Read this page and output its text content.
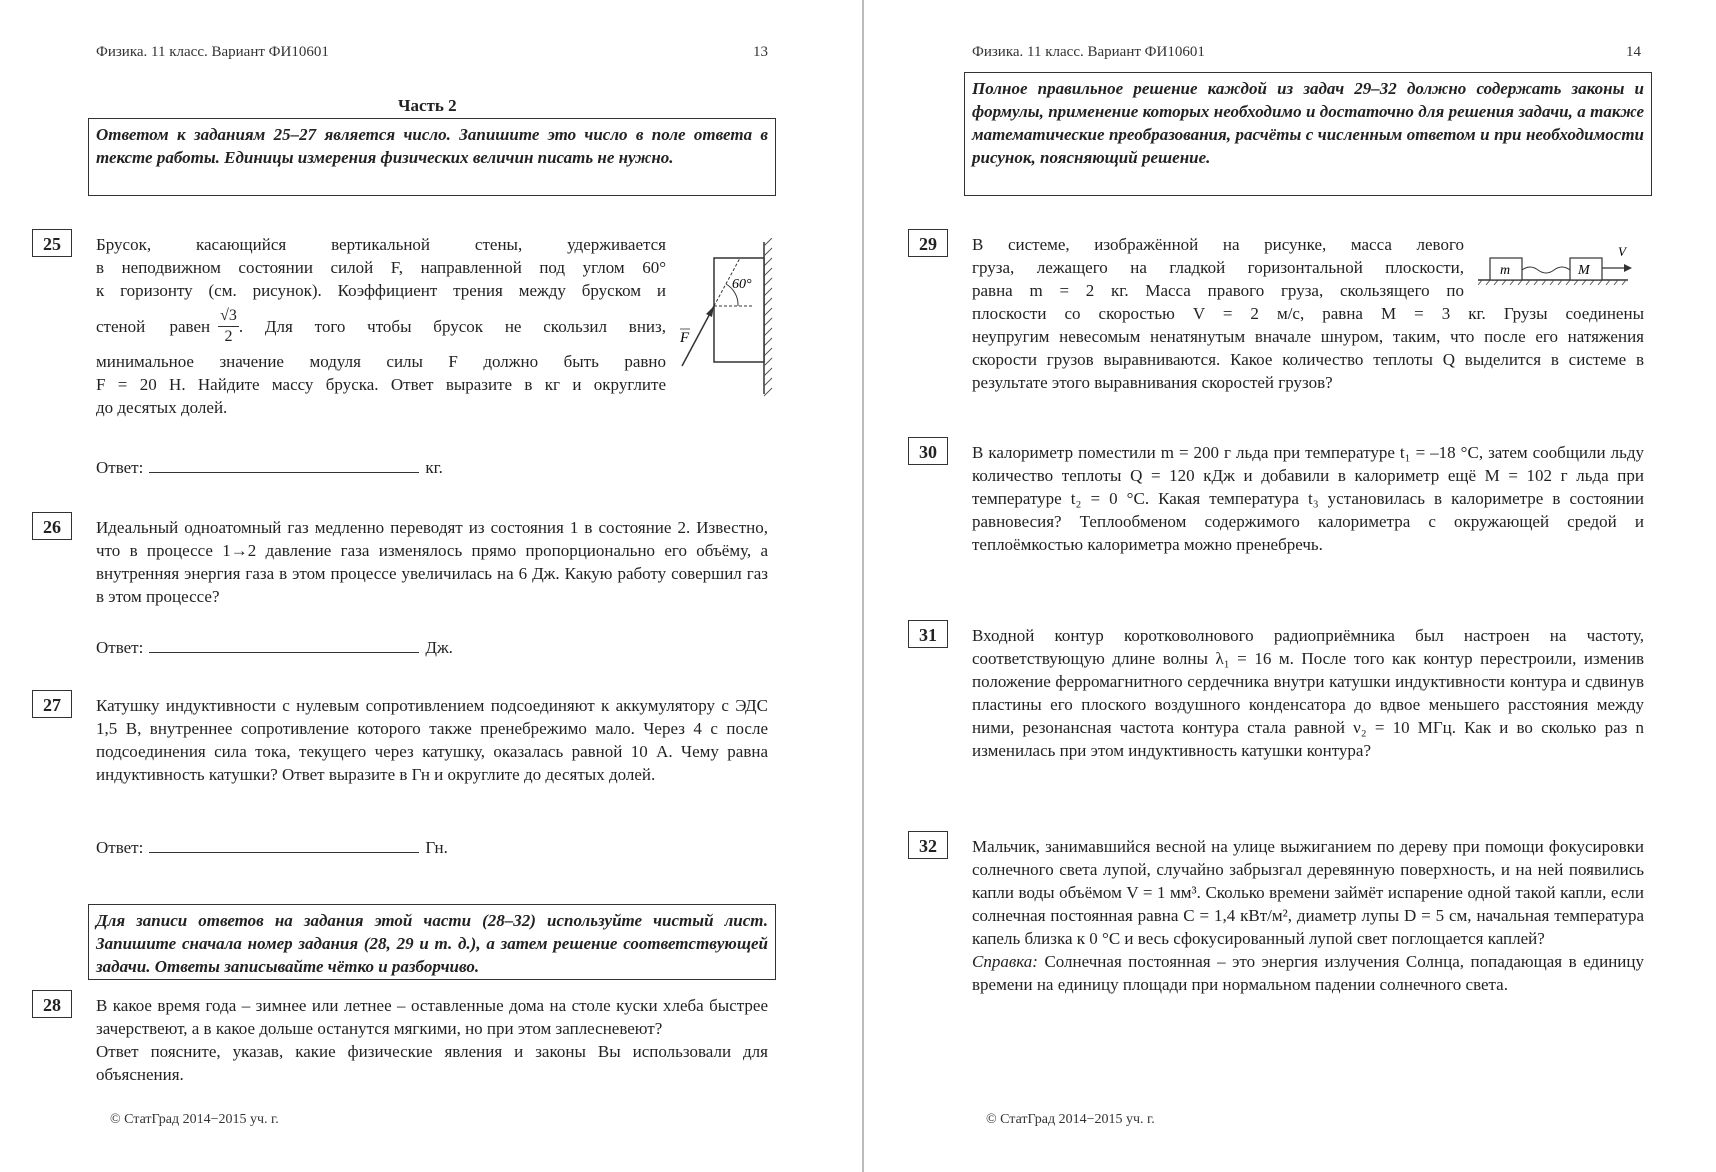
Физика. 11 класс. Вариант ФИ10601	13
Часть 2
Ответом к заданиям 25–27 является число. Запишите это число в поле ответа в тексте работы. Единицы измерения физических величин писать не нужно.
25	Брусок, касающийся вертикальной стены, удерживается
в неподвижном состоянии силой F, направленной под углом 60°
к горизонту (см. рисунок). Коэффициент трения между бруском и
стеной равен $\frac{√3}{2}$ . Для того чтобы брусок не скользил вниз,
минимальное значение модуля силы F должно быть равно
F = 20 Н. Найдите массу бруска. Ответ выразите в кг и округлите
до десятых долей.
60°
F
Ответ:	кг.
26	Идеальный одноатомный газ медленно переводят из состояния 1 в состояние 2. Известно, что в процессе 1→2 давление газа изменялось прямо пропорционально его объёму, а внутренняя энергия газа в этом процессе увеличилась на 6 Дж. Какую работу совершил газ в этом процессе?
Ответ:	Дж.
27	Катушку индуктивности с нулевым сопротивлением подсоединяют к аккумулятору с ЭДС 1,5 В, внутреннее сопротивление которого также пренебрежимо мало. Через 4 с после подсоединения сила тока, текущего через катушку, оказалась равной 10 А. Чему равна индуктивность катушки? Ответ выразите в Гн и округлите до десятых долей.
Ответ:	Гн.
Для записи ответов на задания этой части (28–32) используйте чистый лист. Запишите сначала номер задания (28, 29 и т. д.), а затем решение соответствующей задачи. Ответы записывайте чётко и разборчиво.
28	В какое время года – зимнее или летнее – оставленные дома на столе куски хлеба быстрее зачерствеют, а в какое дольше останутся мягкими, но при этом заплесневеют?

Ответ поясните, указав, какие физические явления и законы Вы использовали для объяснения.

© СтатГрад 2014−2015 уч. г.
Физика. 11 класс. Вариант ФИ10601	14
Полное правильное решение каждой из задач 29–32 должно содержать законы и формулы, применение которых необходимо и достаточно для решения задачи, а также математические преобразования, расчёты с численным ответом и при необходимости рисунок, поясняющий решение.
29	В системе, изображённой на рисунке, масса левого
груза, лежащего на гладкой горизонтальной плоскости,
равна m = 2 кг. Масса правого груза, скользящего по
плоскости со скоростью V = 2 м/с, равна M = 3 кг. Грузы соединены
неупругим невесомым ненатянутым вначале шнуром, таким, что после его натяжения скорости грузов выравниваются. Какое количество теплоты Q выделится в системе в результате этого выравнивания скоростей грузов?
m	M
V
30	В калориметр поместили m = 200 г льда при температуре t₁ = –18 °С, затем сообщили льду количество теплоты Q = 120 кДж и добавили в калориметр ещё M = 102 г льда при температуре t₂ = 0 °С. Какая температура t₃ установилась в калориметре в состоянии равновесия? Теплообменом содержимого калориметра с окружающей средой и теплоёмкостью калориметра можно пренебречь.
31	Входной контур коротковолнового радиоприёмника был настроен на частоту, соответствующую длине волны λ₁ = 16 м. После того как контур перестроили, изменив положение ферромагнитного сердечника внутри катушки индуктивности контура и сдвинув пластины его плоского воздушного конденсатора до вдвое меньшего расстояния между ними, резонансная частота контура стала равной ν₂ = 10 МГц. Как и во сколько раз n изменилась при этом индуктивность катушки контура?
32	Мальчик, занимавшийся весной на улице выжиганием по дереву при помощи фокусировки солнечного света лупой, случайно забрызгал деревянную поверхность, и на ней появились капли воды объёмом V = 1 мм³. Сколько времени займёт испарение одной такой капли, если солнечная постоянная равна C = 1,4 кВт/м², диаметр лупы D = 5 см, начальная температура капель близка к 0 °С и весь сфокусированный лупой свет поглощается каплей?

Справка: Солнечная постоянная – это энергия излучения Солнца, попадающая в единицу времени на единицу площади при нормальном падении солнечного света.

© СтатГрад 2014−2015 уч. г.
